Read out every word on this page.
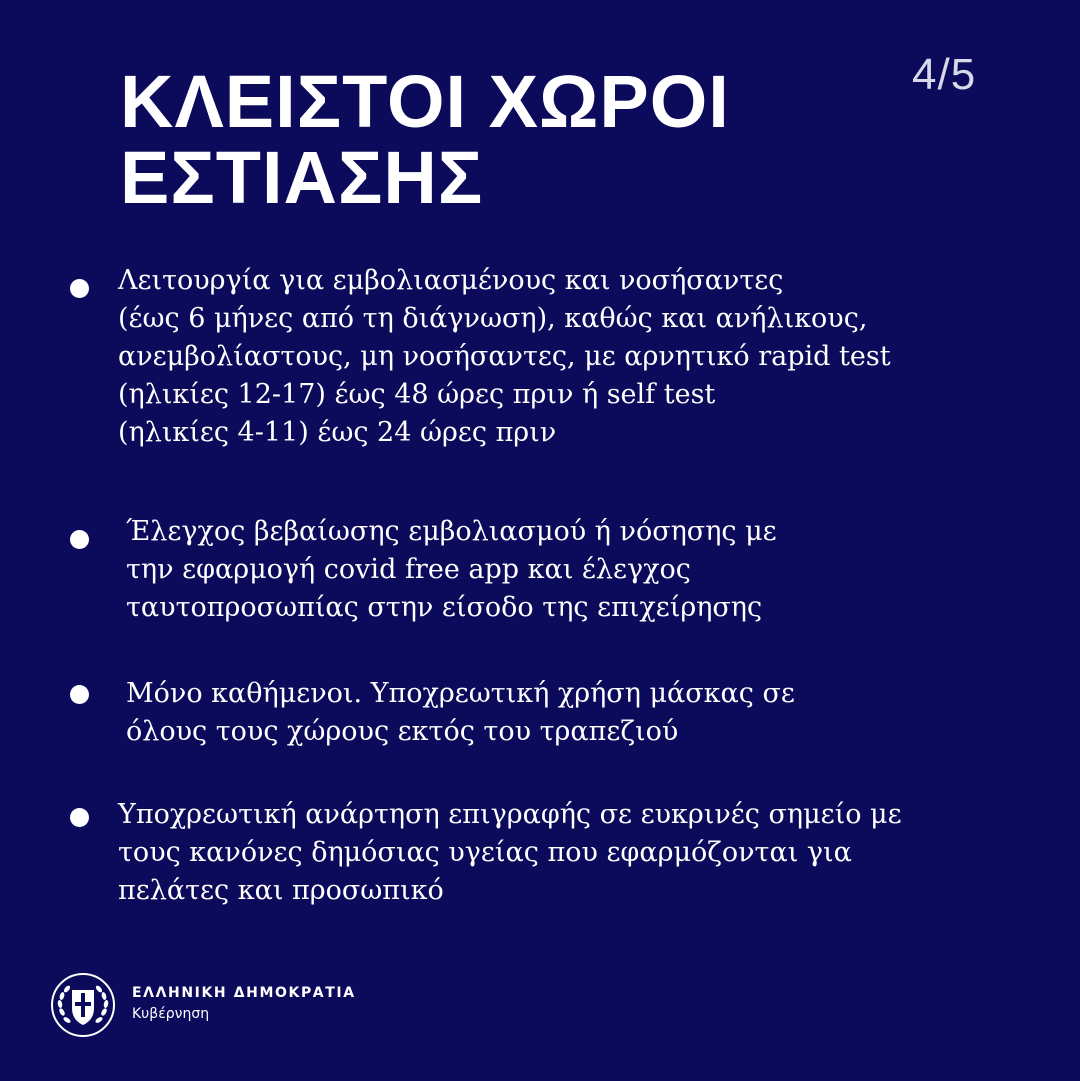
4/5
ΚΛΕΙΣΤΟΙ ΧΩΡΟΙ
ΕΣΤΙΑΣΗΣ
Λειτουργία για εμβολιασμένους και νοσήσαντες
(έως 6 μήνες από τη διάγνωση), καθώς και ανήλικους,
ανεμβολίαστους, μη νοσήσαντες, με αρνητικό rapid test
(ηλικίες 12-17) έως 48 ώρες πριν ή self test
(ηλικίες 4-11) έως 24 ώρες πριν
Έλεγχος βεβαίωσης εμβολιασμού ή νόσησης με
την εφαρμογή covid free app και έλεγχος
ταυτοπροσωπίας στην είσοδο της επιχείρησης
Μόνο καθήμενοι. Υποχρεωτική χρήση μάσκας σε
όλους τους χώρους εκτός του τραπεζιού
Υποχρεωτική ανάρτηση επιγραφής σε ευκρινές σημείο με
τους κανόνες δημόσιας υγείας που εφαρμόζονται για
πελάτες και προσωπικό
ΕΛΛΗΝΙΚΗ ΔΗΜΟΚΡΑΤΙΑ
Κυβέρνηση
